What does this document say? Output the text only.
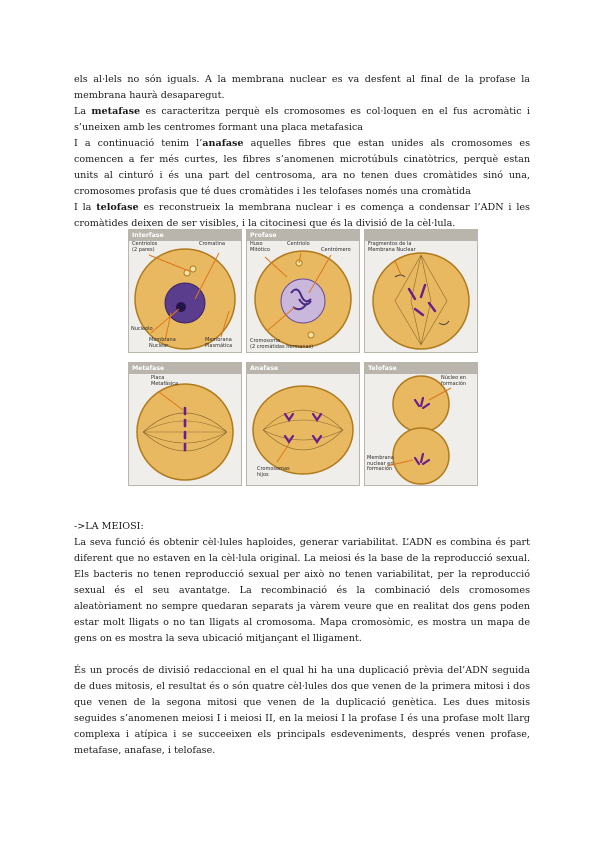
els al·lels no són iguals. A la membrana nuclear es va desfent al final de la profase la membrana haurà desaparegut.

La metafase es caracteritza perquè els cromosomes es col·loquen en el fus acromàtic i s’uneixen amb les centromes formant una placa metafasica

I a continuació tenim l’anafase aquelles fibres que estan unides als cromosomes es comencen a fer més curtes, les fibres s’anomenen microtúbuls cinatòtrics, perquè estan units al cinturó i és una part del centrosoma, ara no tenen dues cromàtides sinó una, cromosomes profasis que té dues cromàtides i les telofases només una cromàtida

I la telofase es reconstrueix la membrana nuclear i es comença a condensar l’ADN i les cromàtides deixen de ser visibles, i la citocinesi que és la divisió de la cèl·lula.

Interfase
Centriolos
(2 pares)
Cromatina
Nucleolo
Membrana
Nuclear
Membrana
Plasmática
Profase
Huso
Mitótico
Centriolo
Centrómero
Cromosoma
(2 cromátidas hermanas)
Fragmentos de la
Membrana Nuclear
Metafase
Placa
Metafásica
Anafase
Cromosomas
hijos
Telofase
Núcleo en
formación
Membrana
nuclear en
formación

->LA MEIOSI:

La seva funció és obtenir cèl·lules haploides, generar variabilitat. L’ADN es combina és part diferent que no estaven en la cèl·lula original. La meiosi és la base de la reproducció sexual. Els bacteris no tenen reproducció sexual per això no tenen variabilitat, per la reproducció sexual és el seu avantatge. La recombinació és la combinació dels cromosomes aleatòriament no sempre quedaran separats ja vàrem veure que en realitat dos gens poden estar molt lligats o no tan lligats al cromosoma. Mapa cromosòmic, es mostra un mapa de gens on es mostra la seva ubicació mitjançant el lligament.

És un procés de divisió redaccional en el qual hi ha una duplicació prèvia del’ADN seguida de dues mitosis, el resultat és o són quatre cèl·lules dos que venen de la primera mitosi i dos que venen de la segona mitosi que venen de la duplicació genètica. Les dues mitosis seguides s’anomenen meiosi I i meiosi II, en la meiosi I la profase I és una profase molt llarg complexa i atípica i se succeeixen els principals esdeveniments, després venen profase, metafase, anafase, i telofase.
